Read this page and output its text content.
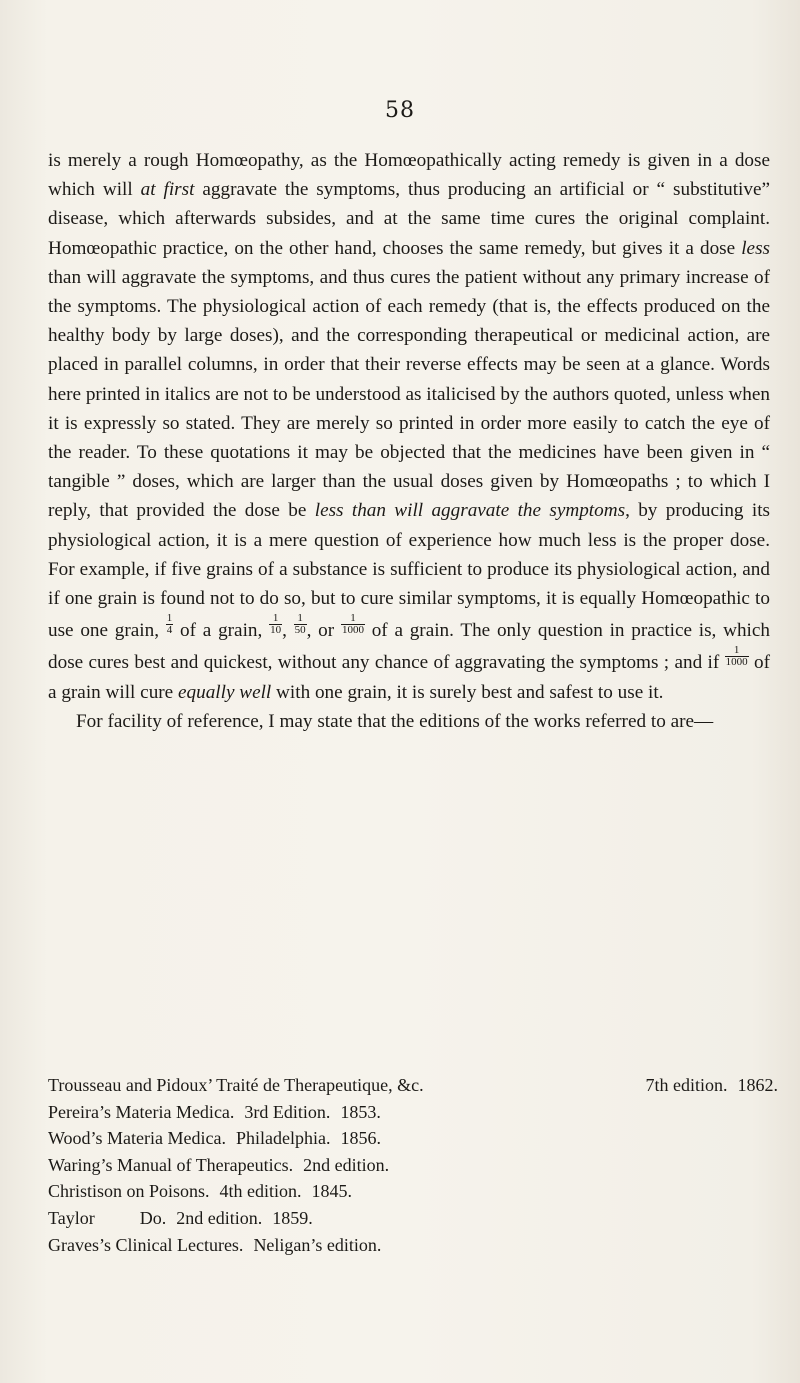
58

is merely a rough Homœopathy, as the Homœopathically acting remedy is given in a dose which will at first aggravate the symptoms, thus producing an artificial or “ substitutive” disease, which afterwards subsides, and at the same time cures the original complaint. Homœopathic practice, on the other hand, chooses the same remedy, but gives it a dose less than will aggravate the symptoms, and thus cures the patient without any primary increase of the symptoms. The physiological action of each remedy (that is, the effects produced on the healthy body by large doses), and the corresponding therapeutical or medicinal action, are placed in parallel columns, in order that their reverse effects may be seen at a glance. Words here printed in italics are not to be understood as italicised by the authors quoted, unless when it is expressly so stated. They are merely so printed in order more easily to catch the eye of the reader. To these quotations it may be objected that the medicines have been given in “ tangible ” doses, which are larger than the usual doses given by Homœopaths ; to which I reply, that provided the dose be less than will aggravate the symptoms, by producing its physiological action, it is a mere question of experience how much less is the proper dose. For example, if five grains of a substance is sufficient to produce its physiological action, and if one grain is found not to do so, but to cure similar symptoms, it is equally Homœopathic to use one grain, $\frac{1}{4}$ of a grain, $\frac{1}{10}$ , $\frac{1}{50}$ , or $\frac{1}{1000}$ of a grain. The only question in practice is, which dose cures best and quickest, without any chance of aggravating the symptoms ; and if $\frac{1}{1000}$ of a grain will cure equally well with one grain, it is surely best and safest to use it.

For facility of reference, I may state that the editions of the works referred to are—

Trousseau and Pidoux’ Traité de Therapeutique, &c.	7th edition. 1862.
Pereira’s Materia Medica. 3rd Edition. 1853.
Wood’s Materia Medica. Philadelphia. 1856.
Waring’s Manual of Therapeutics. 2nd edition.
Christison on Poisons. 4th edition. 1845.
Taylor          Do. 2nd edition. 1859.
Graves’s Clinical Lectures. Neligan’s edition.
